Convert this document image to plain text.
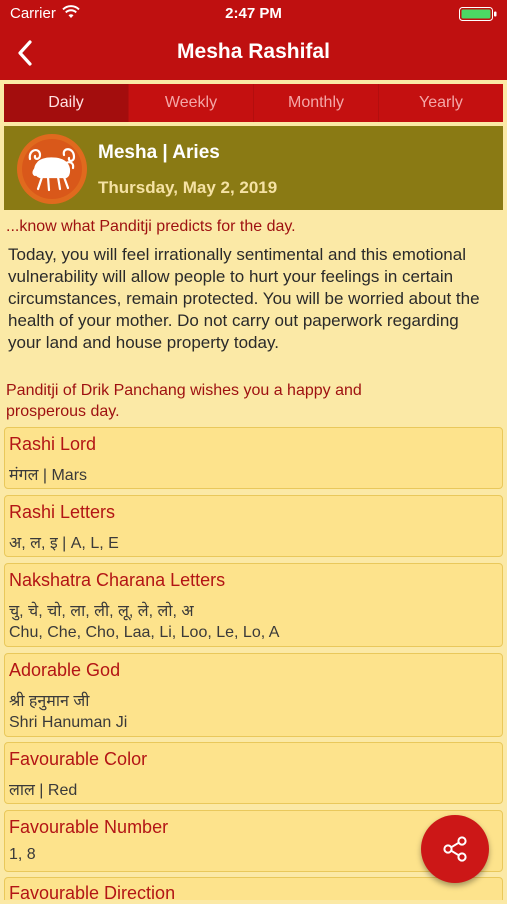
Carrier	2:47 PM
Mesha Rashifal
Daily	Weekly	Monthly	Yearly
Mesha | Aries
Thursday, May 2, 2019
...know what Panditji predicts for the day.
Today, you will feel irrationally sentimental and this emotional vulnerability will allow people to hurt your feelings in certain circumstances, remain protected. You will be worried about the health of your mother. Do not carry out paperwork regarding your land and house property today.
Panditji of Drik Panchang wishes you a happy and prosperous day.
Rashi Lord
मंगल | Mars
Rashi Letters
अ, ल, इ | A, L, E
Nakshatra Charana Letters
चु, चे, चो, ला, ली, लू, ले, लो, अ
Chu, Che, Cho, Laa, Li, Loo, Le, Lo, A
Adorable God
श्री हनुमान जी
Shri Hanuman Ji
Favourable Color
लाल | Red
Favourable Number
1, 8
Favourable Direction
